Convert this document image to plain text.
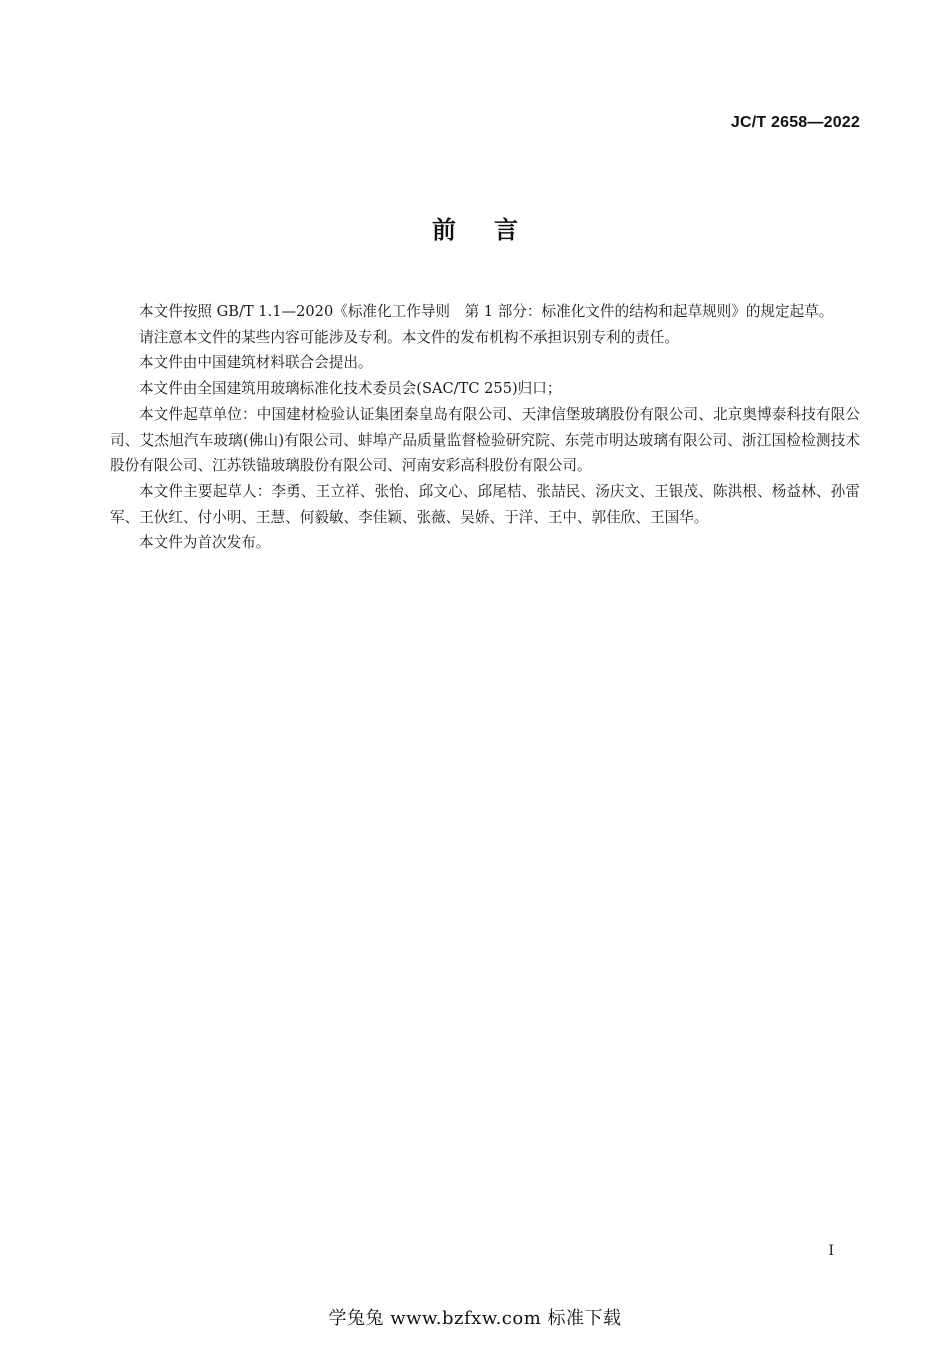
JC/T 2658—2022
前言

本文件按照 GB/T 1.1—2020《标准化工作导则　第 1 部分：标准化文件的结构和起草规则》的规定起草。

请注意本文件的某些内容可能涉及专利。本文件的发布机构不承担识别专利的责任。

本文件由中国建筑材料联合会提出。

本文件由全国建筑用玻璃标准化技术委员会(SAC/TC 255)归口；

本文件起草单位：中国建材检验认证集团秦皇岛有限公司、天津信堡玻璃股份有限公司、北京奥博泰科技有限公司、艾杰旭汽车玻璃(佛山)有限公司、蚌埠产品质量监督检验研究院、东莞市明达玻璃有限公司、浙江国检检测技术股份有限公司、江苏铁锚玻璃股份有限公司、河南安彩高科股份有限公司。

本文件主要起草人：李勇、王立祥、张怡、邱文心、邱尾桔、张喆民、汤庆文、王银茂、陈洪根、杨益林、孙雷军、王伙红、付小明、王慧、何毅敏、李佳颖、张薇、吴娇、于洋、王中、郭佳欣、王国华。

本文件为首次发布。

I
学兔兔 www.bzfxw.com 标准下载
